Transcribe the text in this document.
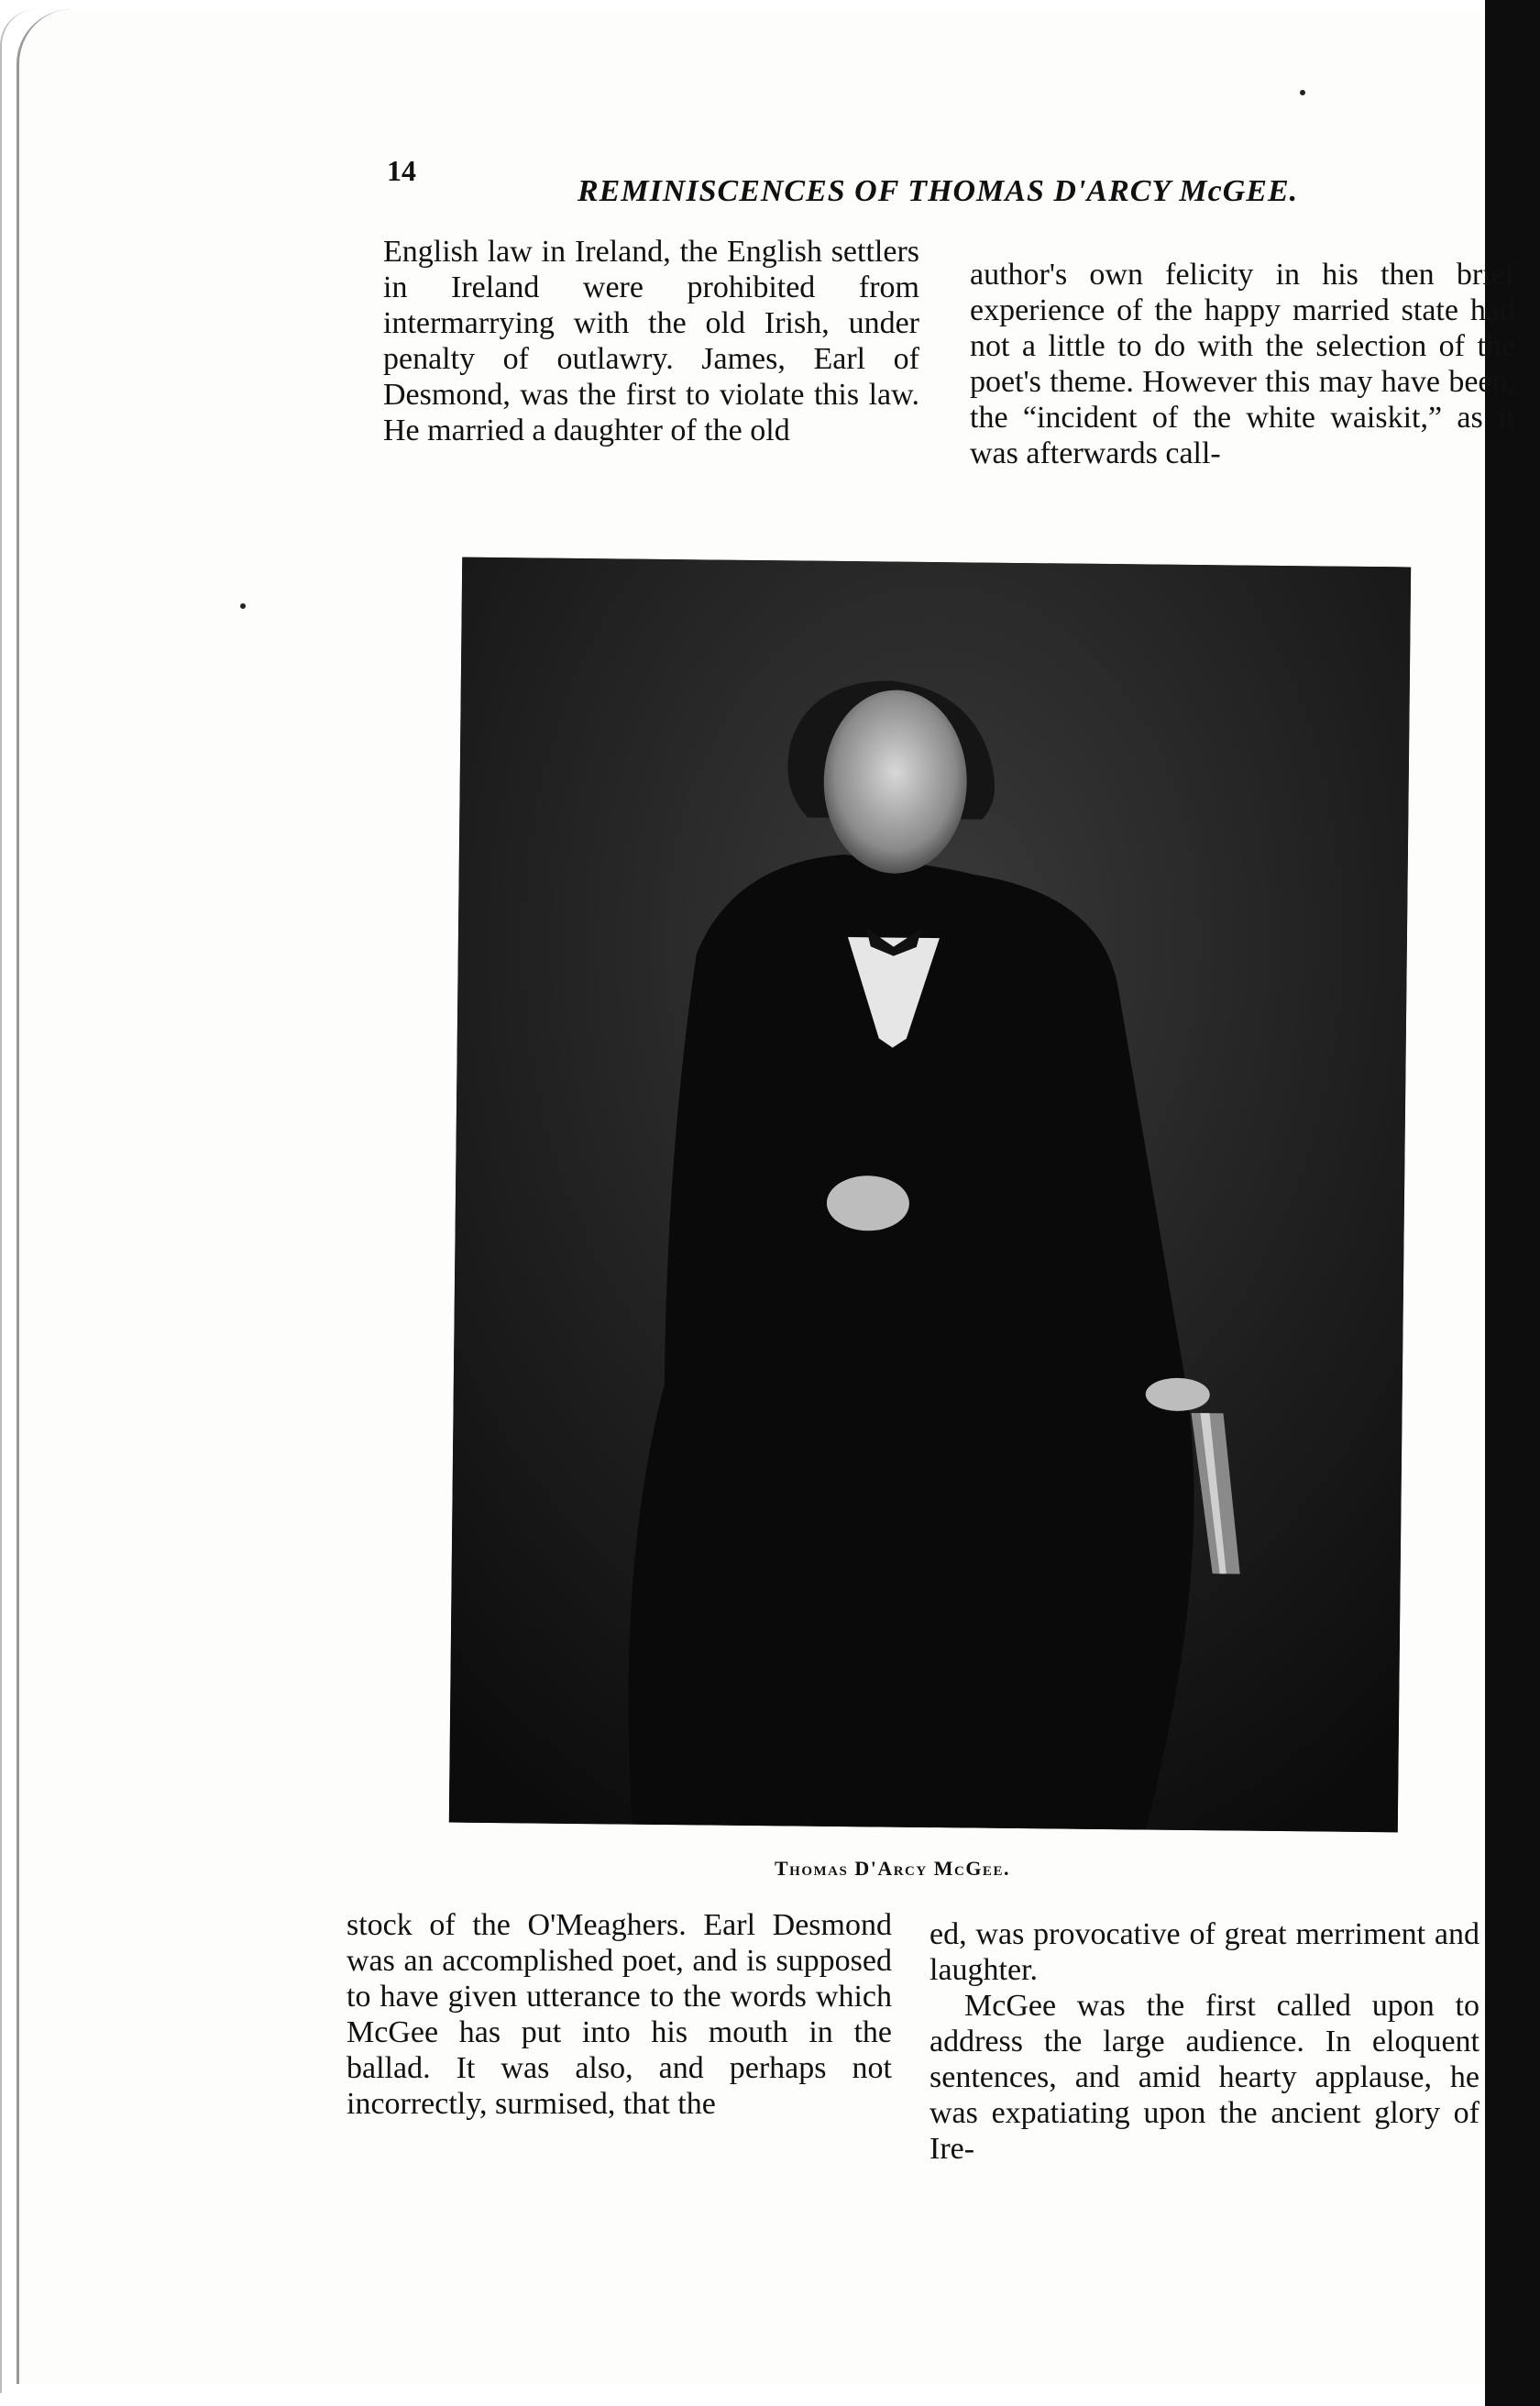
14
REMINISCENCES OF THOMAS D'ARCY McGEE.

English law in Ireland, the English settlers in Ireland were prohibited from intermarrying with the old Irish, under penalty of outlawry. James, Earl of Desmond, was the first to violate this law. He married a daughter of the old

author's own felicity in his then brief experience of the happy married state had not a little to do with the selection of the poet's theme. However this may have been, the “incident of the white waiskit,” as it was afterwards call-

Thomas D'Arcy McGee.

stock of the O'Meaghers. Earl Desmond was an accomplished poet, and is supposed to have given utterance to the words which McGee has put into his mouth in the ballad. It was also, and perhaps not incorrectly, surmised, that the

ed, was provocative of great merriment and laughter.

McGee was the first called upon to address the large audience. In eloquent sentences, and amid hearty applause, he was expatiating upon the ancient glory of Ire-
